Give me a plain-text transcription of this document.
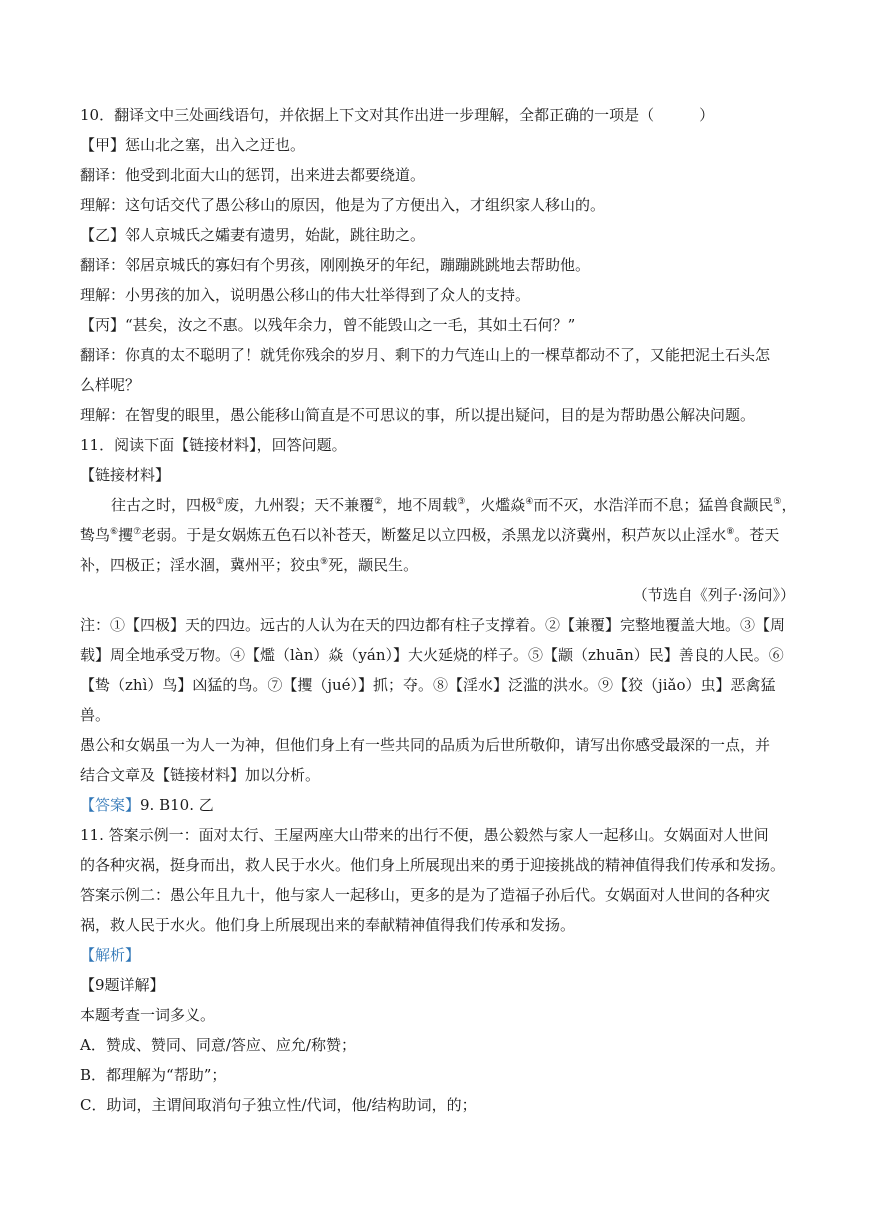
10．翻译文中三处画线语句，并依据上下文对其作出进一步理解，全都正确的一项是（　　　）
【甲】惩山北之塞，出入之迂也。
翻译：他受到北面大山的惩罚，出来进去都要绕道。
理解：这句话交代了愚公移山的原因，他是为了方便出入，才组织家人移山的。
【乙】邻人京城氏之孀妻有遗男，始龀，跳往助之。
翻译：邻居京城氏的寡妇有个男孩，刚刚换牙的年纪，蹦蹦跳跳地去帮助他。
理解：小男孩的加入，说明愚公移山的伟大壮举得到了众人的支持。
【丙】“甚矣，汝之不惠。以残年余力，曾不能毁山之一毛，其如土石何？”
翻译：你真的太不聪明了！就凭你残余的岁月、剩下的力气连山上的一棵草都动不了，又能把泥土石头怎
么样呢？
理解：在智叟的眼里，愚公能移山简直是不可思议的事，所以提出疑问，目的是为帮助愚公解决问题。
11．阅读下面【链接材料】，回答问题。
【链接材料】
往古之时，四极①废，九州裂；天不兼覆②，地不周载③，火爁焱④而不灭，水浩洋而不息；猛兽食颛民⑤，
鸷鸟⑥攫⑦老弱。于是女娲炼五色石以补苍天，断鳌足以立四极，杀黑龙以济冀州，积芦灰以止淫水⑧。苍天
补，四极正；淫水涸，冀州平；狡虫⑨死，颛民生。
（节选自《列子·汤问》）
注：①【四极】天的四边。远古的人认为在天的四边都有柱子支撑着。②【兼覆】完整地覆盖大地。③【周
载】周全地承受万物。④【爁（làn）焱（yán）】大火延烧的样子。⑤【颛（zhuān）民】善良的人民。⑥
【鸷（zhì）鸟】凶猛的鸟。⑦【攫（jué）】抓；夺。⑧【淫水】泛滥的洪水。⑨【狡（jiǎo）虫】恶禽猛
兽。
愚公和女娲虽一为人一为神，但他们身上有一些共同的品质为后世所敬仰，请写出你感受最深的一点，并
结合文章及【链接材料】加以分析。
【答案】9. B10. 乙
11. 答案示例一：面对太行、王屋两座大山带来的出行不便，愚公毅然与家人一起移山。女娲面对人世间
的各种灾祸，挺身而出，救人民于水火。他们身上所展现出来的勇于迎接挑战的精神值得我们传承和发扬。
答案示例二：愚公年且九十，他与家人一起移山，更多的是为了造福子孙后代。女娲面对人世间的各种灾
祸，救人民于水火。他们身上所展现出来的奉献精神值得我们传承和发扬。
【解析】
【9题详解】
本题考查一词多义。
A．赞成、赞同、同意/答应、应允/称赞；
B．都理解为“帮助”；
C．助词，主谓间取消句子独立性/代词，他/结构助词，的；
